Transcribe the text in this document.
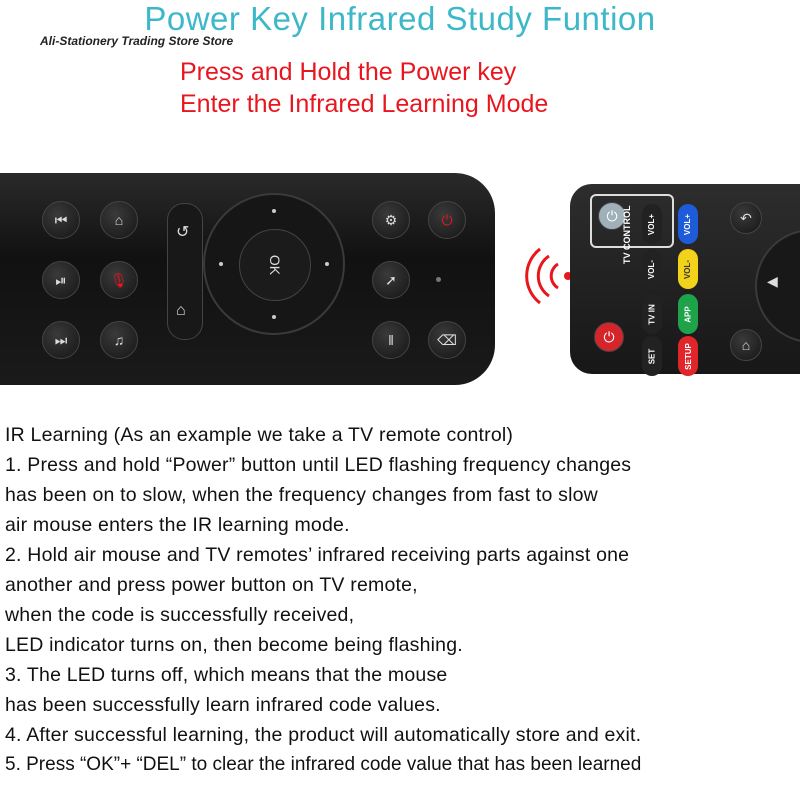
Power Key Infrared Study Funtion
Ali-Stationery Trading Store Store
Press and Hold the Power key
Enter the Infrared Learning Mode
⏮	⌂
⏯	🎙
⏭	♫
↺
⌂
OK
⚙	⏻
➚
‖	⌫
⏻ TV CONTROL
⏻
VOL+
VOL-
TV IN
SET
VOL+
VOL-
APP
SETUP
↶
⌂
◀
IR Learning (As an example we take a TV remote control)
1. Press and hold “Power” button until LED flashing frequency changes
has been on to slow, when the frequency changes from fast to slow
air mouse enters the IR learning mode.
2. Hold air mouse and TV remotes’ infrared receiving parts against one
another and press power button on TV remote,
when the code is successfully received,
LED indicator turns on, then become being flashing.
3. The LED turns off, which means that the mouse
has been successfully learn infrared code values.
4. After successful learning, the product will automatically store and exit.
5. Press “OK”+ “DEL” to clear the infrared code value that has been learned
